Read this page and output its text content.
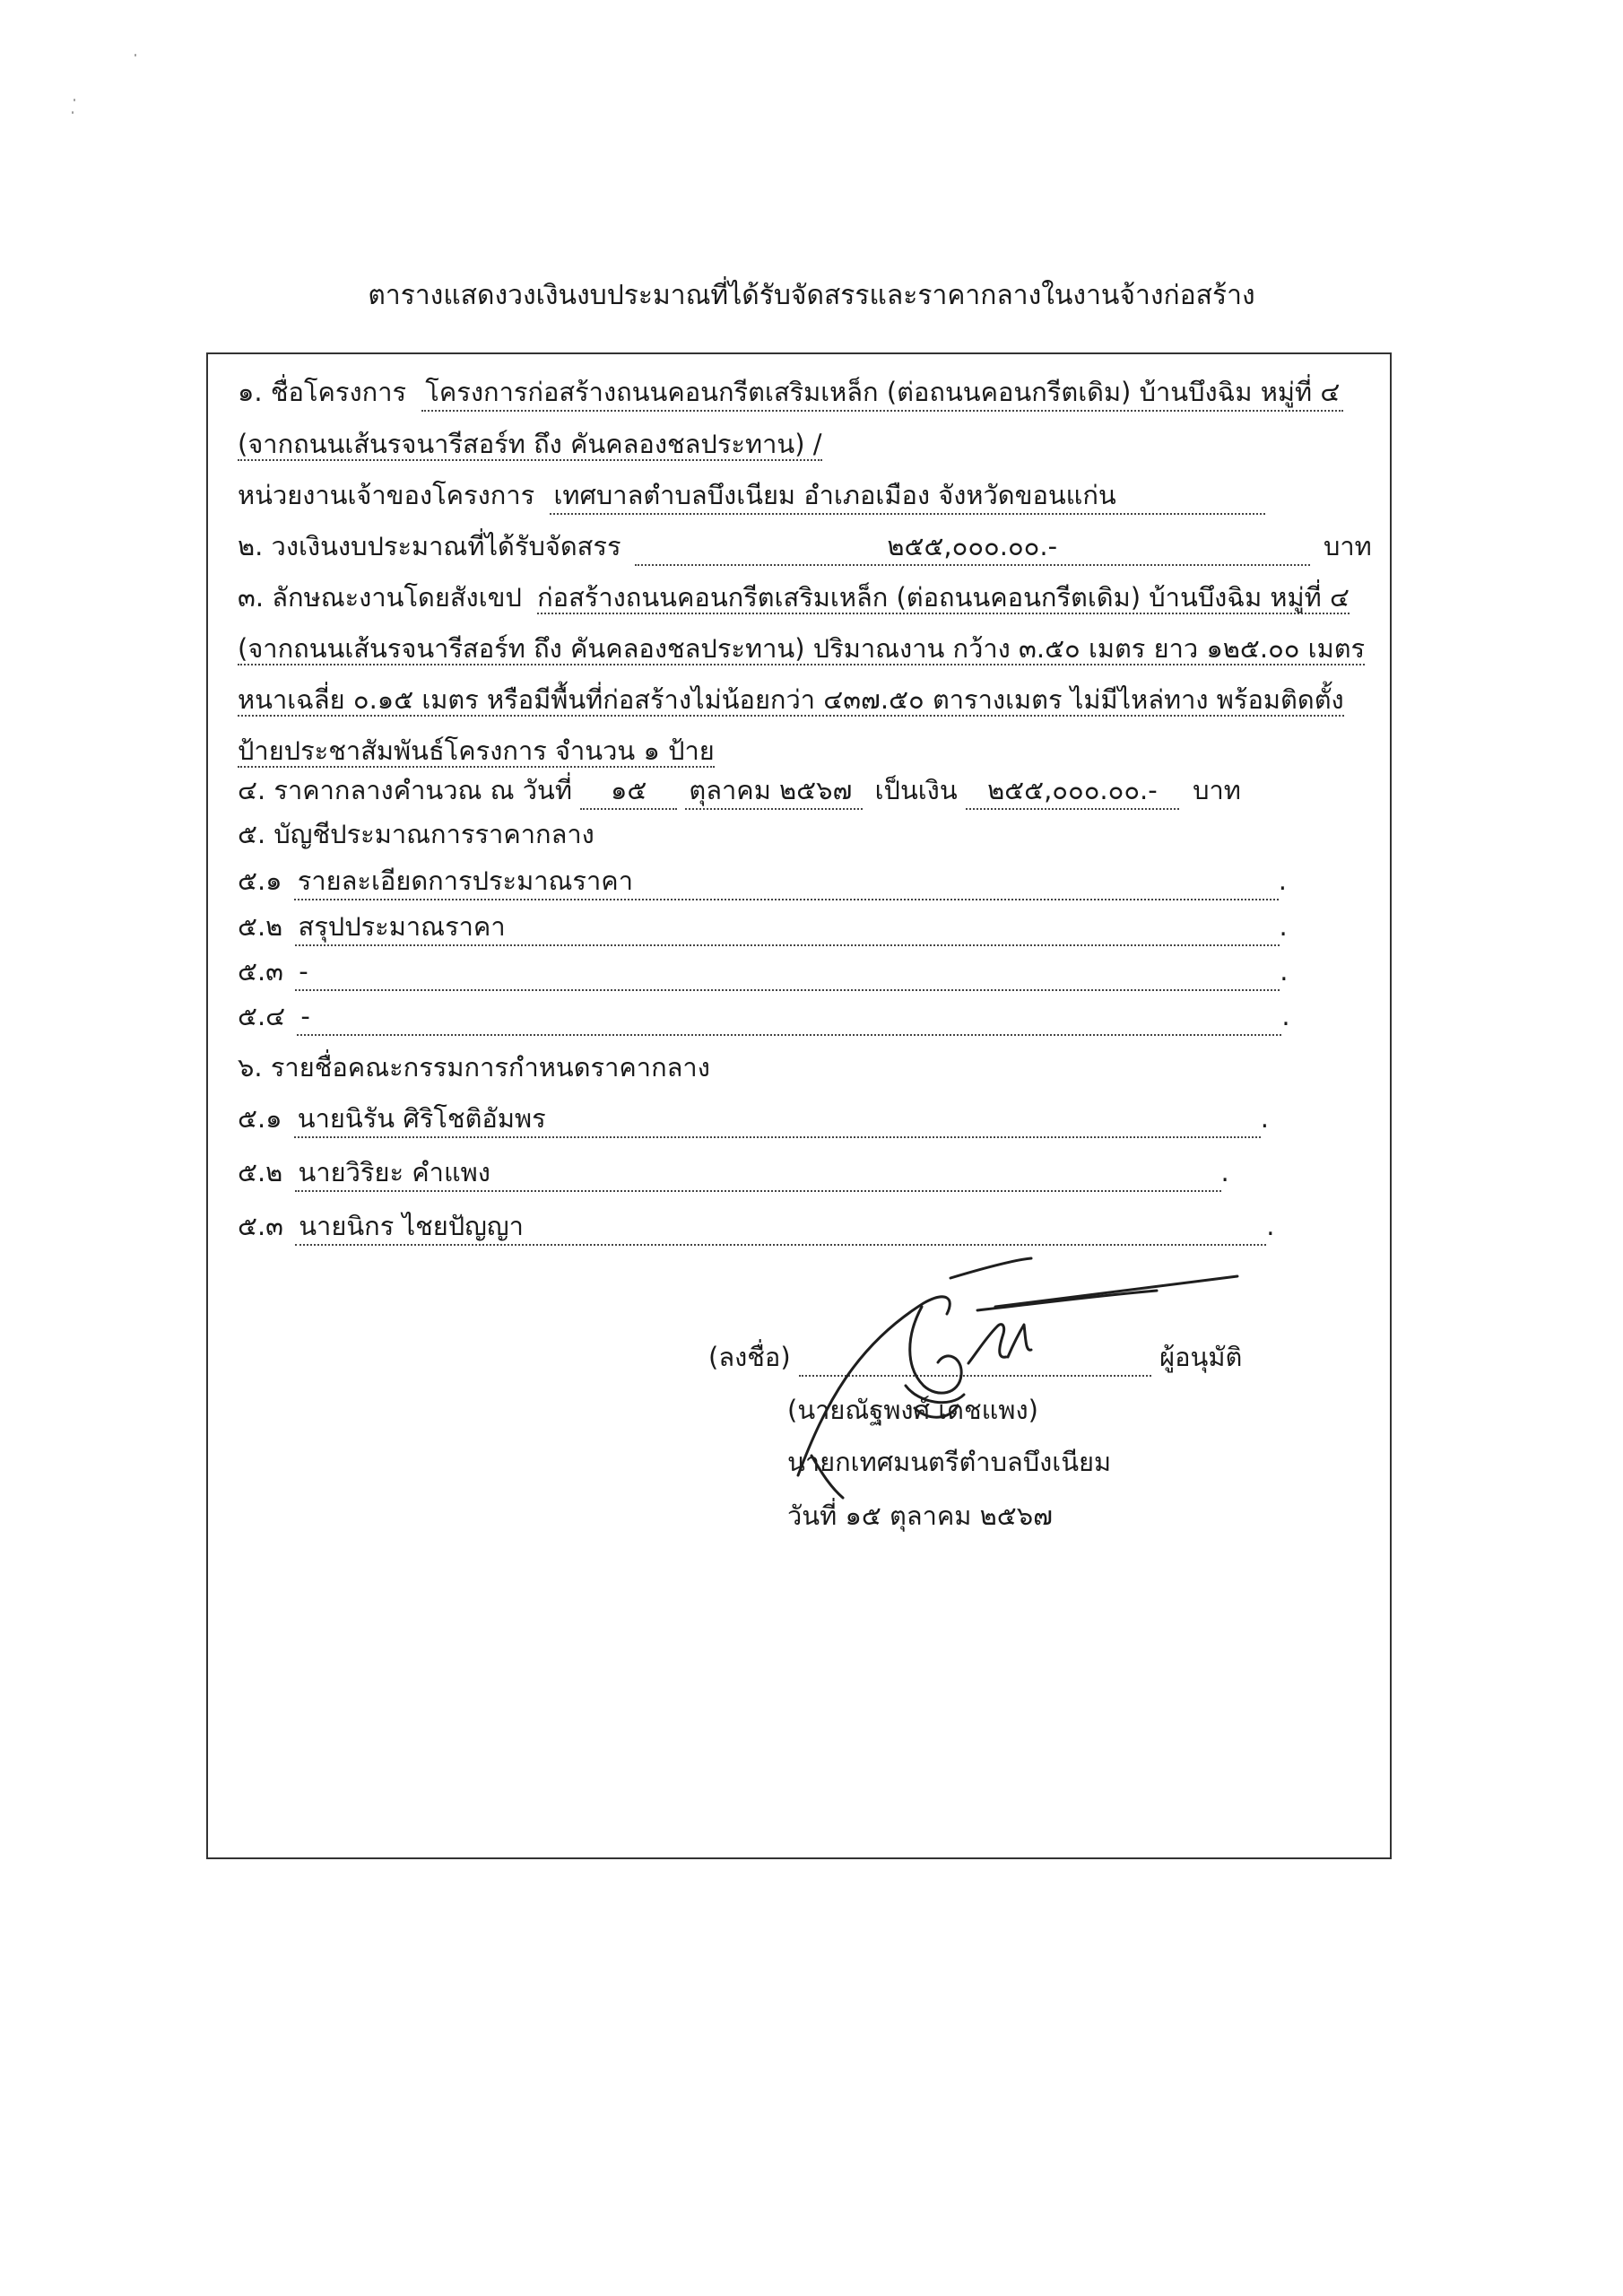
ตารางแสดงวงเงินงบประมาณที่ได้รับจัดสรรและราคากลางในงานจ้างก่อสร้าง
๑. ชื่อโครงการ โครงการก่อสร้างถนนคอนกรีตเสริมเหล็ก (ต่อถนนคอนกรีตเดิม) บ้านบึงฉิม หมู่ที่ ๔
(จากถนนเส้นรจนารีสอร์ท ถึง คันคลองชลประทาน) /
หน่วยงานเจ้าของโครงการ เทศบาลตำบลบึงเนียม อำเภอเมือง จังหวัดขอนแก่น
๒. วงเงินงบประมาณที่ได้รับจัดสรร	๒๕๕,๐๐๐.๐๐.-	บาท
๓. ลักษณะงานโดยสังเขป ก่อสร้างถนนคอนกรีตเสริมเหล็ก (ต่อถนนคอนกรีตเดิม) บ้านบึงฉิม หมู่ที่ ๔
(จากถนนเส้นรจนารีสอร์ท ถึง คันคลองชลประทาน) ปริมาณงาน กว้าง ๓.๕๐ เมตร ยาว ๑๒๕.๐๐ เมตร
หนาเฉลี่ย ๐.๑๕ เมตร หรือมีพื้นที่ก่อสร้างไม่น้อยกว่า ๔๓๗.๕๐ ตารางเมตร ไม่มีไหล่ทาง พร้อมติดตั้ง
ป้ายประชาสัมพันธ์โครงการ จำนวน ๑ ป้าย
๔. ราคากลางคำนวณ ณ วันที่ ๑๕ ตุลาคม ๒๕๖๗ เป็นเงิน ๒๕๕,๐๐๐.๐๐.- บาท
๕. บัญชีประมาณการราคากลาง
๕.๑ รายละเอียดการประมาณราคา	.
๕.๒ สรุปประมาณราคา	.
๕.๓ -	.
๕.๔ -	.
๖. รายชื่อคณะกรรมการกำหนดราคากลาง
๕.๑ นายนิรัน ศิริโชติอัมพร	.
๕.๒ นายวิริยะ คำแพง	.
๕.๓ นายนิกร ไชยปัญญา	.
(ลงชื่อ)	ผู้อนุมัติ
(นายณัฐพงศ์ เดชแพง)
นายกเทศมนตรีตำบลบึงเนียม
วันที่ ๑๕ ตุลาคม ๒๕๖๗
